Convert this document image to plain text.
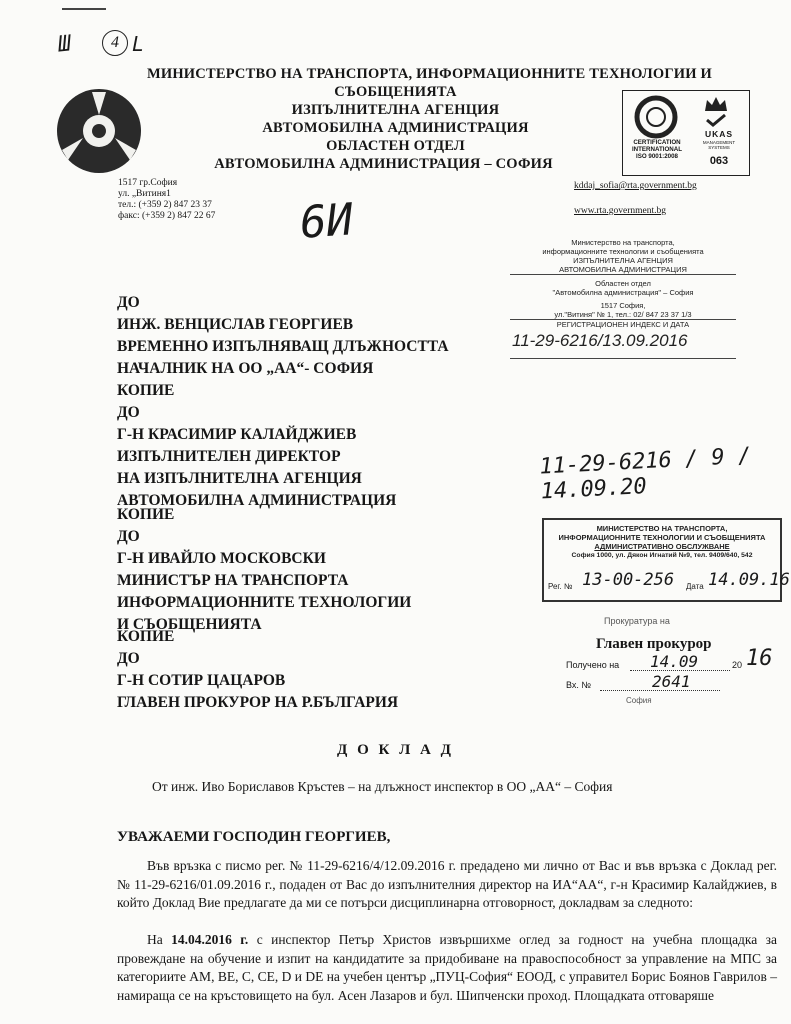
Ш	4 L
МИНИСТЕРСТВО НА ТРАНСПОРТА, ИНФОРМАЦИОННИТЕ ТЕХНОЛОГИИ И
СЪОБЩЕНИЯТА
ИЗПЪЛНИТЕЛНА АГЕНЦИЯ
АВТОМОБИЛНА АДМИНИСТРАЦИЯ
ОБЛАСТЕН ОТДЕЛ
АВТОМОБИЛНА АДМИНИСТРАЦИЯ – СОФИЯ
CERTIFICATION
INTERNATIONAL
ISO 9001:2008
UKAS
MANAGEMENT SYSTEMS
063
1517 гр.София
ул. „Витиня1
тел.: (+359 2) 847 23 37
факс: (+359 2) 847 22 67
kddaj_sofia@rta.government.bg
www.rta.government.bg
6И	Министерство на транспорта,
информационните технологии и съобщенията
ИЗПЪЛНИТЕЛНА АГЕНЦИЯ
АВТОМОБИЛНА АДМИНИСТРАЦИЯ
Областен отдел
"Автомобилна администрация" – София
1517 София,
ул."Витиня" № 1, тел.: 02/ 847 23 37 1/3
РЕГИСТРАЦИОНЕН ИНДЕКС И ДАТА
11-29-6216/13.09.2016
ДО
ИНЖ. ВЕНЦИСЛАВ ГЕОРГИЕВ
ВРЕМЕННО ИЗПЪЛНЯВАЩ ДЛЪЖНОСТТА
НАЧАЛНИК НА ОО „АА“- СОФИЯ
КОПИЕ
ДО
Г-Н КРАСИМИР КАЛАЙДЖИЕВ
ИЗПЪЛНИТЕЛЕН ДИРЕКТОР
НА ИЗПЪЛНИТЕЛНА АГЕНЦИЯ
АВТОМОБИЛНА АДМИНИСТРАЦИЯ
КОПИЕ
ДО
Г-Н ИВАЙЛО МОСКОВСКИ
МИНИСТЪР НА ТРАНСПОРТА
ИНФОРМАЦИОННИТЕ ТЕХНОЛОГИИ
И СЪОБЩЕНИЯТА
КОПИЕ
ДО
Г-Н СОТИР ЦАЦАРОВ
ГЛАВЕН ПРОКУРОР НА Р.БЪЛГАРИЯ
11-29-6216 / 9 / 14.09.20
МИНИСТЕРСТВО НА ТРАНСПОРТА,
ИНФОРМАЦИОННИТЕ ТЕХНОЛОГИИ И СЪОБЩЕНИЯТА
АДМИНИСТРАТИВНО ОБСЛУЖВАНЕ
София 1000, ул. Дякон Игнатий №9, тел. 9409/640, 542
Рег. № 13-00-256 Дата 14.09.16
Прокуратура на
Главен прокурор
Получено на 14.09	20 16
Вх. №	2641
София
Д О К Л А Д
От инж. Иво Бориславов Кръстев – на длъжност инспектор в ОО „АА“ – София
УВАЖАЕМИ ГОСПОДИН ГЕОРГИЕВ,
Във връзка с писмо рег. № 11-29-6216/4/12.09.2016 г. предадено ми лично от Вас и във връзка с Доклад рег. № 11-29-6216/01.09.2016 г., подаден от Вас до изпълнителния директор на ИА“АА“, г-н Красимир Калайджиев, в който Доклад Вие предлагате да ми се потърси дисциплинарна отговорност, докладвам за следното:
На 14.04.2016 г. с инспектор Петър Христов извършихме оглед за годност на учебна площадка за провеждане на обучение и изпит на кандидатите за придобиване на правоспособност за управление на МПС за категориите АМ, ВЕ, С, СЕ, D и DE на учебен център „ПУЦ-София“ ЕООД, с управител Борис Боянов Гаврилов – намираща се на кръстовището на бул. Асен Лазаров и бул. Шипченски проход. Площадката отговаряше
